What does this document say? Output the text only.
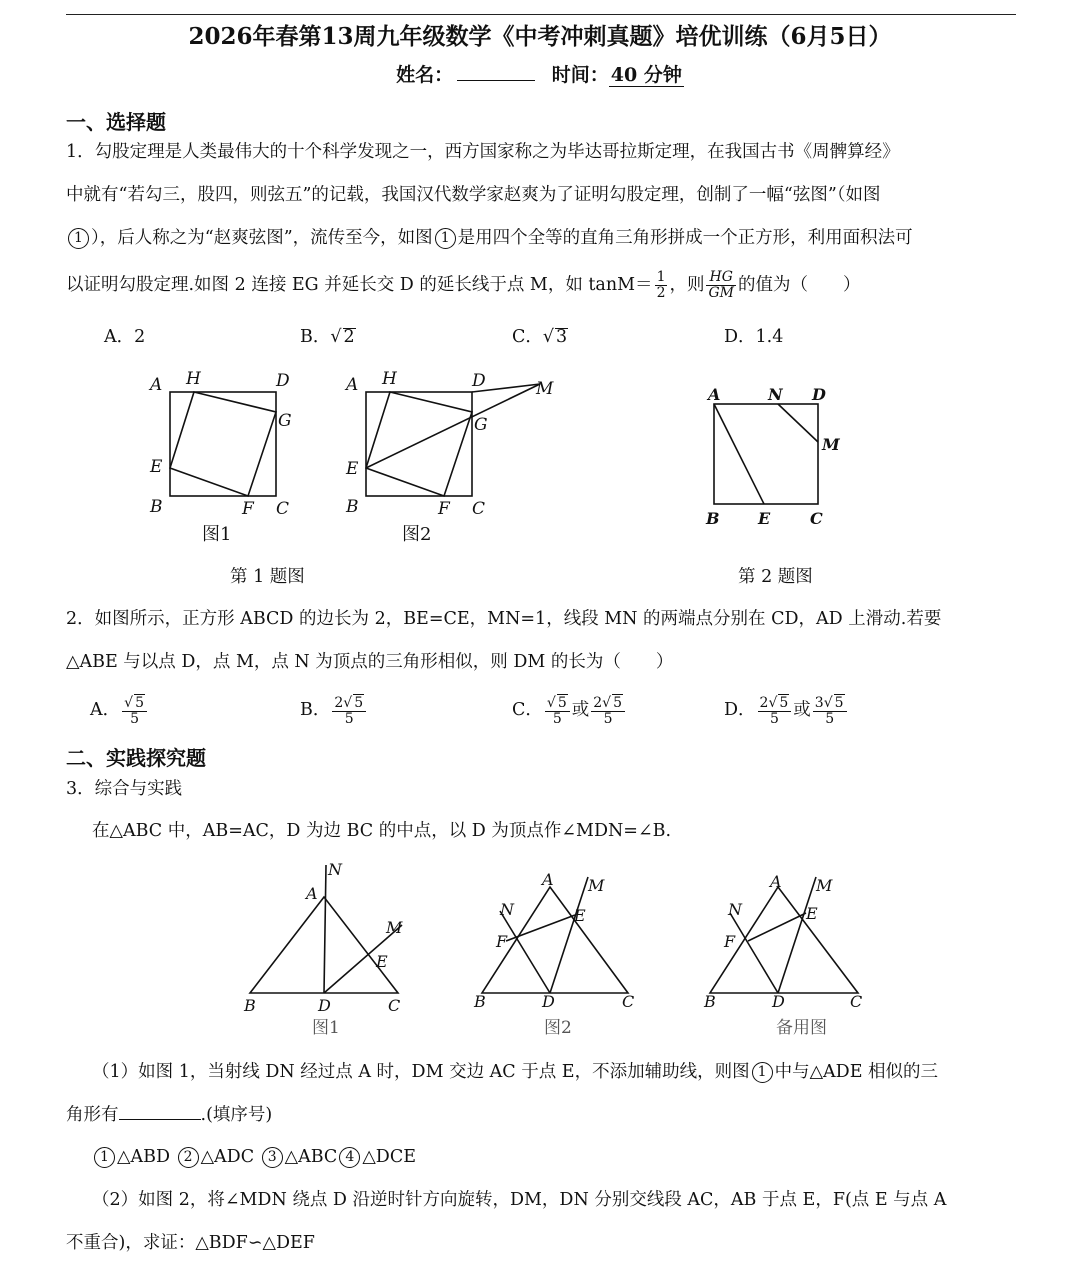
2026年春第13周九年级数学《中考冲刺真题》培优训练（6月5日）
姓名：	时间： 40 分钟
一、选择题
1．勾股定理是人类最伟大的十个科学发现之一，西方国家称之为毕达哥拉斯定理，在我国古书《周髀算经》
中就有“若勾三，股四，则弦五”的记载，我国汉代数学家赵爽为了证明勾股定理，创制了一幅“弦图”（如图
1 ），后人称之为“赵爽弦图”，流传至今，如图 1 是用四个全等的直角三角形拼成一个正方形，利用面积法可
以证明勾股定理.如图 2 连接 EG 并延长交 D 的延长线于点 M，如 $\tan M= \frac{1}{2}$ ，则 $\frac{HG}{GM}$ 的值为（　　）
A．2	B．√ 2	C．√ 3	D．1.4
A H	D
G
E
B	F C
A H	D	M
G
E
B	F C
图1	图2
A	N D
M
B E C
第 1 题图	第 2 题图
2．如图所示，正方形 ABCD 的边长为 2，BE=CE，MN=1，线段 MN 的两端点分别在 CD，AD 上滑动.若要
△ABE 与以点 D，点 M，点 N 为顶点的三角形相似，则 DM 的长为（　　）
A． $\frac{√ 5}{5}$	B． $\frac{2√ 5}{5}$	C． $\frac{√ 5}{5}$ 或 $\frac{2√ 5}{5}$	D． $\frac{2√ 5}{5}$ 或 $\frac{3√ 5}{5}$
二、实践探究题
3．综合与实践
在△ABC 中，AB=AC，D 为边 BC 的中点，以 D 为顶点作∠MDN=∠B.
A
N
M
E
B	D	C
A M
N	E
F
B	D	C
A M
N	E
F
B	D	C
图1	图2	备用图
（1）如图 1，当射线 DN 经过点 A 时，DM 交边 AC 于点 E，不添加辅助线，则图 1 中与△ADE 相似的三
角形有	.(填序号)
1 △ABD 2 △ADC 3 △ABC 4 △DCE
（2）如图 2，将∠MDN 绕点 D 沿逆时针方向旋转，DM，DN 分别交线段 AC，AB 于点 E，F(点 E 与点 A
不重合)，求证：△BDF∽△DEF
